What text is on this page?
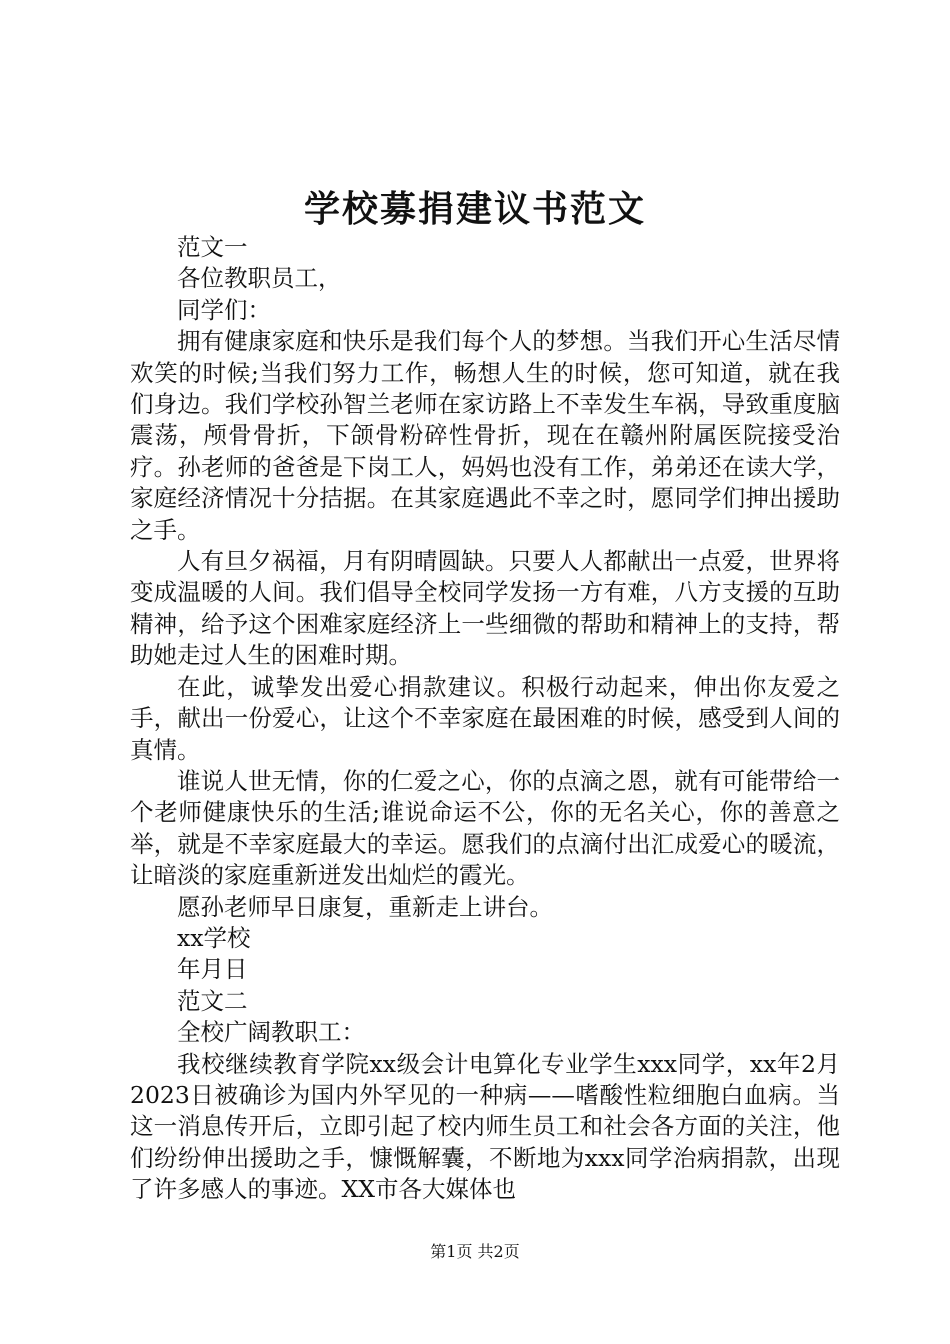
学校募捐建议书范文

范文一

各位教职员工，

同学们：

拥有健康家庭和快乐是我们每个人的梦想。当我们开心生活尽情欢笑的时候;当我们努力工作，畅想人生的时候，您可知道，就在我们身边。我们学校孙智兰老师在家访路上不幸发生车祸，导致重度脑震荡，颅骨骨折，下颌骨粉碎性骨折，现在在赣州附属医院接受治疗。孙老师的爸爸是下岗工人，妈妈也没有工作，弟弟还在读大学，家庭经济情况十分拮据。在其家庭遇此不幸之时，愿同学们抻出援助之手。

人有旦夕祸福，月有阴晴圆缺。只要人人都献出一点爱，世界将变成温暖的人间。我们倡导全校同学发扬一方有难，八方支援的互助精神，给予这个困难家庭经济上一些细微的帮助和精神上的支持，帮助她走过人生的困难时期。

在此，诚挚发出爱心捐款建议。积极行动起来，伸出你友爱之手，献出一份爱心，让这个不幸家庭在最困难的时候，感受到人间的真情。

谁说人世无情，你的仁爱之心，你的点滴之恩，就有可能带给一个老师健康快乐的生活;谁说命运不公，你的无名关心，你的善意之举，就是不幸家庭最大的幸运。愿我们的点滴付出汇成爱心的暖流，让暗淡的家庭重新迸发出灿烂的霞光。

愿孙老师早日康复，重新走上讲台。

xx学校

年月日

范文二

全校广阔教职工：

我校继续教育学院xx级会计电算化专业学生xxx同学，xx年2月2023日被确诊为国内外罕见的一种病——嗜酸性粒细胞白血病。当这一消息传开后，立即引起了校内师生员工和社会各方面的关注，他们纷纷伸出援助之手，慷慨解囊，不断地为xxx同学治病捐款，出现了许多感人的事迹。XX市各大媒体也

第1页 共2页
